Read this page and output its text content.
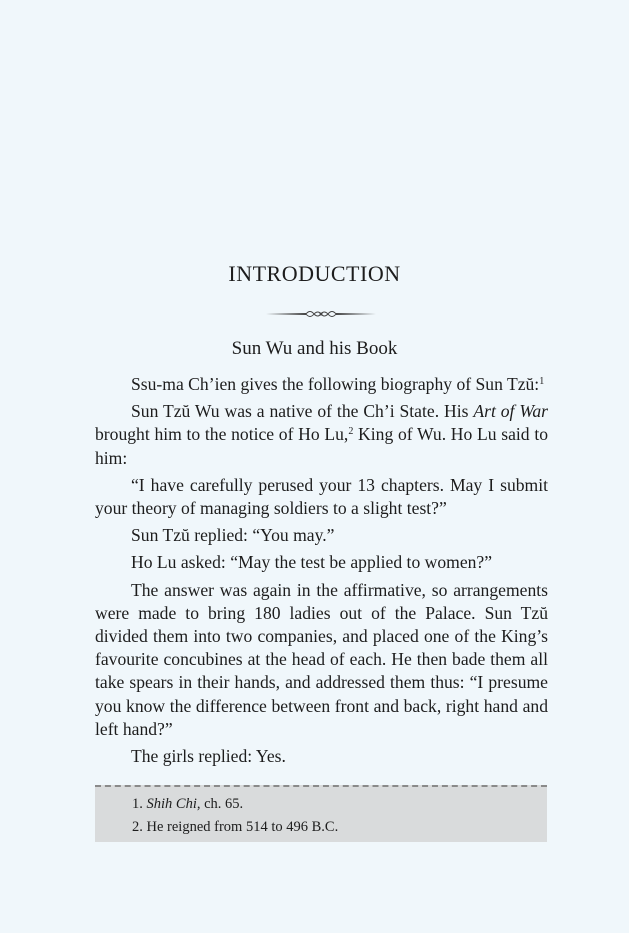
INTRODUCTION
Sun Wu and his Book

Ssu-ma Ch’ien gives the following biography of Sun Tzŭ:$^1$

Sun Tzŭ Wu was a native of the Ch’i State. His Art of War brought him to the notice of Ho Lu,$^2$ King of Wu. Ho Lu said to him:

“I have carefully perused your 13 chapters. May I submit your theory of managing soldiers to a slight test?”

Sun Tzŭ replied: “You may.”

Ho Lu asked: “May the test be applied to women?”

The answer was again in the affirmative, so arrangements were made to bring 180 ladies out of the Palace. Sun Tzŭ divided them into two companies, and placed one of the King’s favourite concubines at the head of each. He then bade them all take spears in their hands, and addressed them thus: “I presume you know the difference between front and back, right hand and left hand?”

The girls replied: Yes.

1. Shih Chi, ch. 65.
2. He reigned from 514 to 496 B.C.
